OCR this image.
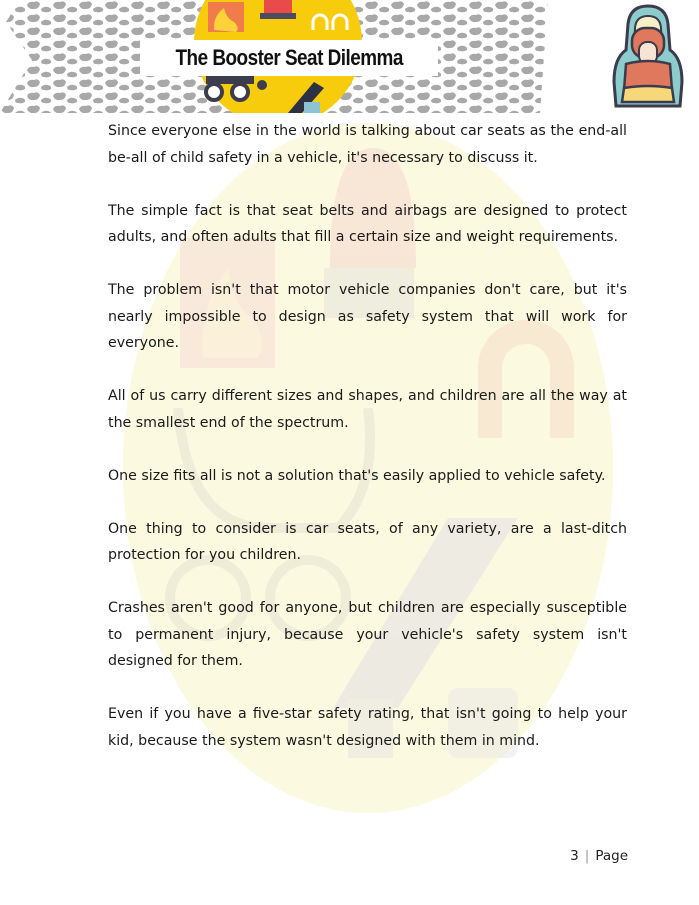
The Booster Seat Dilemma

Since everyone else in the world is talking about car seats as the end-all be-all of child safety in a vehicle, it's necessary to discuss it.

The simple fact is that seat belts and airbags are designed to protect adults, and often adults that fill a certain size and weight requirements.

The problem isn't that motor vehicle companies don't care, but it's nearly impossible to design as safety system that will work for everyone.

All of us carry different sizes and shapes, and children are all the way at the smallest end of the spectrum.

One size fits all is not a solution that's easily applied to vehicle safety.

One thing to consider is car seats, of any variety, are a last-ditch protection for you children.

Crashes aren't good for anyone, but children are especially susceptible to permanent injury, because your vehicle's safety system isn't designed for them.

Even if you have a five-star safety rating, that isn't going to help your kid, because the system wasn't designed with them in mind.

3 | Page
